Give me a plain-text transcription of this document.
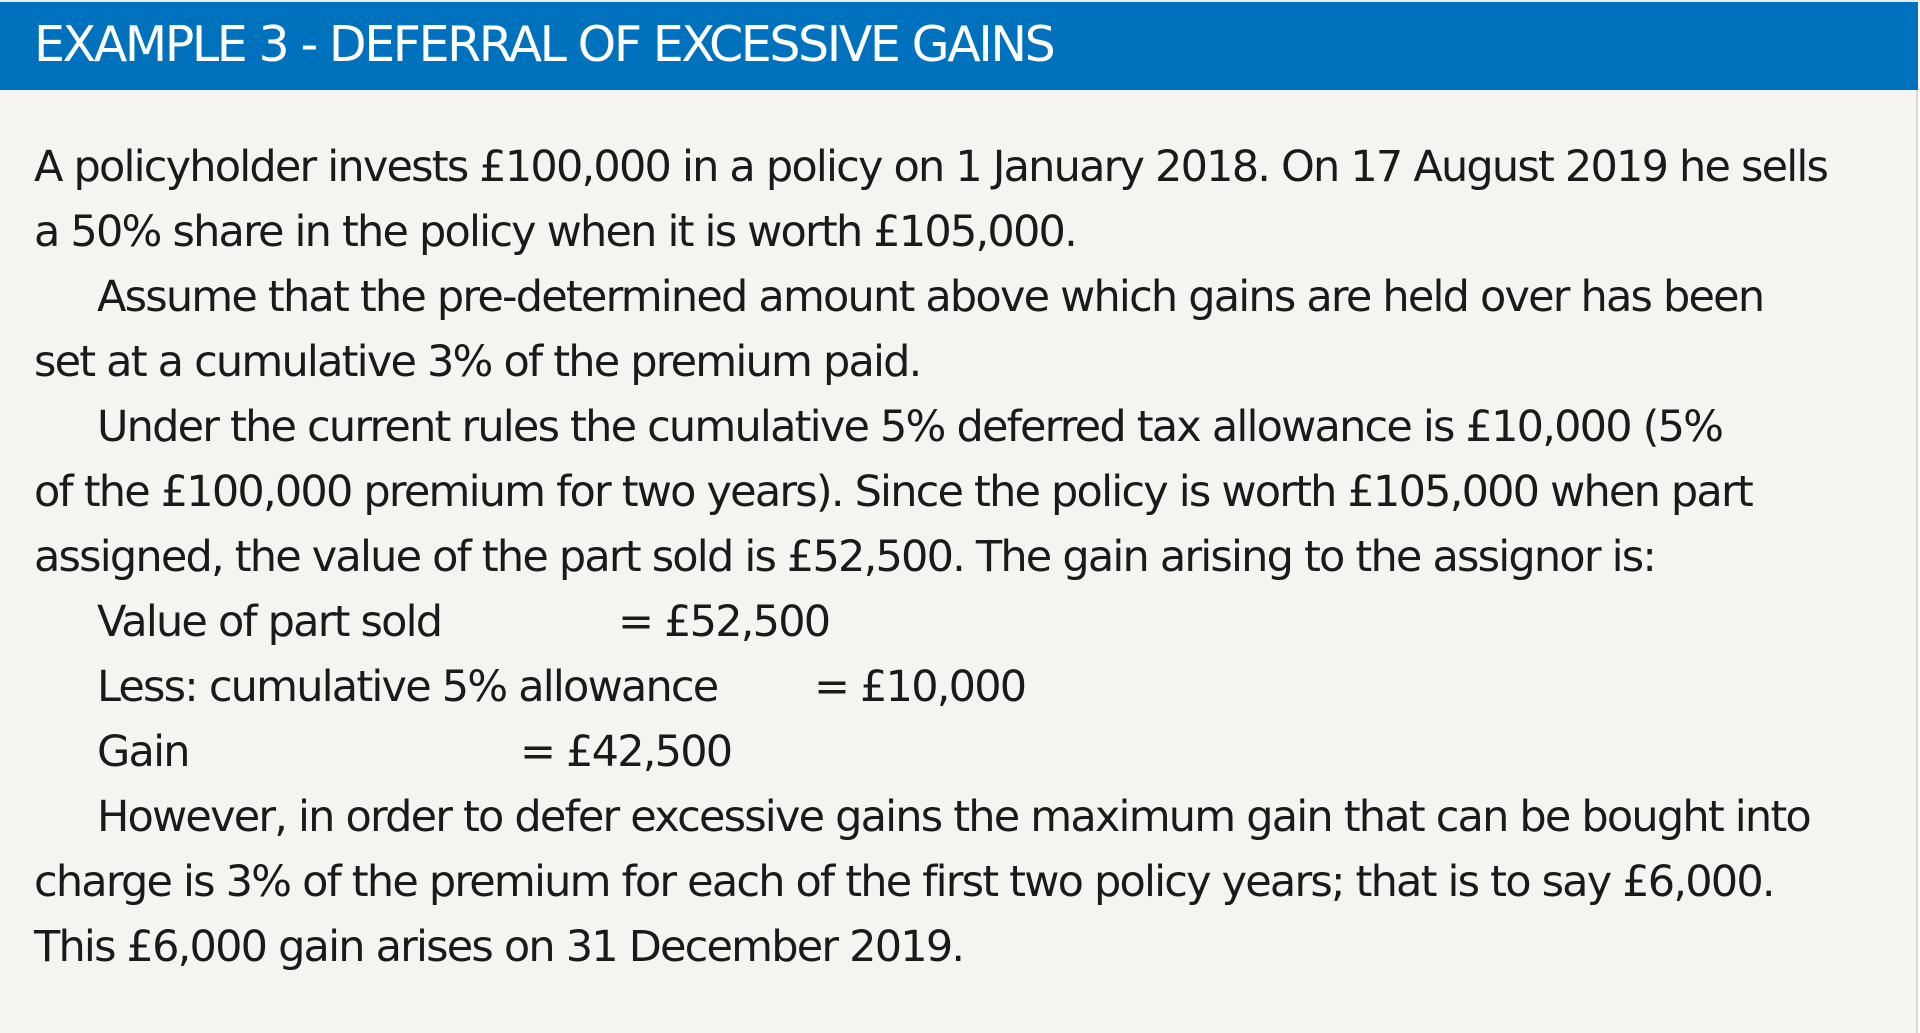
EXAMPLE 3 - DEFERRAL OF EXCESSIVE GAINS

A policyholder invests £100,000 in a policy on 1 January 2018. On 17 August 2019 he sells

a 50% share in the policy when it is worth £105,000.

Assume that the pre-determined amount above which gains are held over has been

set at a cumulative 3% of the premium paid.

Under the current rules the cumulative 5% deferred tax allowance is £10,000 (5%

of the £100,000 premium for two years). Since the policy is worth £105,000 when part

assigned, the value of the part sold is £52,500. The gain arising to the assignor is:

Value of part sold	= £52,500
Less: cumulative 5% allowance = £10,000
Gain	= £42,500

However, in order to defer excessive gains the maximum gain that can be bought into

charge is 3% of the premium for each of the first two policy years; that is to say £6,000.

This £6,000 gain arises on 31 December 2019.
